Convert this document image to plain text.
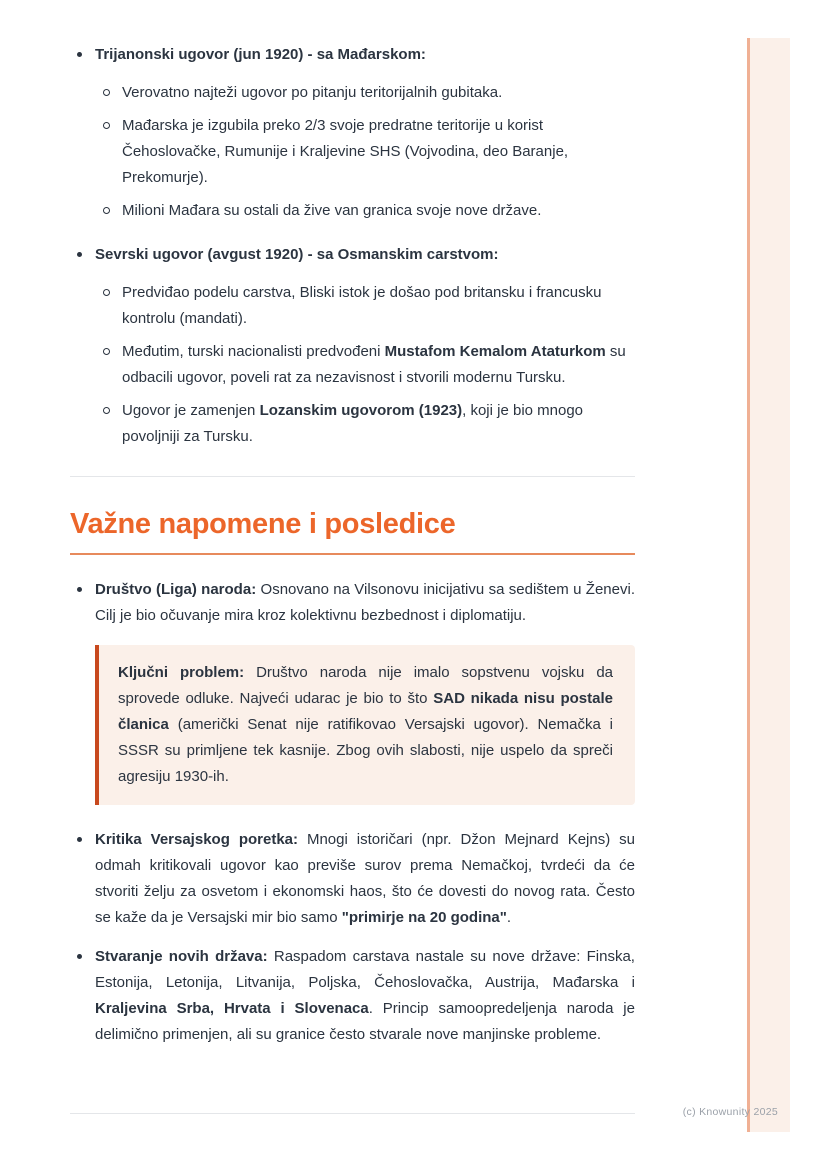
Trijanonski ugovor (jun 1920) - sa Mađarskom:
Verovatno najteži ugovor po pitanju teritorijalnih gubitaka.
Mađarska je izgubila preko 2/3 svoje predratne teritorije u korist Čehoslovačke, Rumunije i Kraljevine SHS (Vojvodina, deo Baranje, Prekomurje).
Milioni Mađara su ostali da žive van granica svoje nove države.
Sevrski ugovor (avgust 1920) - sa Osmanskim carstvom:
Predviđao podelu carstva, Bliski istok je došao pod britansku i francusku kontrolu (mandati).
Međutim, turski nacionalisti predvođeni Mustafom Kemalom Ataturkom su odbacili ugovor, poveli rat za nezavisnost i stvorili modernu Tursku.
Ugovor je zamenjen Lozanskim ugovorom (1923), koji je bio mnogo povoljniji za Tursku.
Važne napomene i posledice
Društvo (Liga) naroda: Osnovano na Vilsonovu inicijativu sa sedištem u Ženevi. Cilj je bio očuvanje mira kroz kolektivnu bezbednost i diplomatiju.
Ključni problem: Društvo naroda nije imalo sopstvenu vojsku da sprovede odluke. Najveći udarac je bio to što SAD nikada nisu postale članica (američki Senat nije ratifikovao Versajski ugovor). Nemačka i SSSR su primljene tek kasnije. Zbog ovih slabosti, nije uspelo da spreči agresiju 1930-ih.
Kritika Versajskog poretka: Mnogi istoričari (npr. Džon Mejnard Kejns) su odmah kritikovali ugovor kao previše surov prema Nemačkoj, tvrdeći da će stvoriti želju za osvetom i ekonomski haos, što će dovesti do novog rata. Često se kaže da je Versajski mir bio samo "primirje na 20 godina".
Stvaranje novih država: Raspadom carstava nastale su nove države: Finska, Estonija, Letonija, Litvanija, Poljska, Čehoslovačka, Austrija, Mađarska i Kraljevina Srba, Hrvata i Slovenaca. Princip samoopredeljenja naroda je delimično primenjen, ali su granice često stvarale nove manjinske probleme.
(c) Knowunity 2025
